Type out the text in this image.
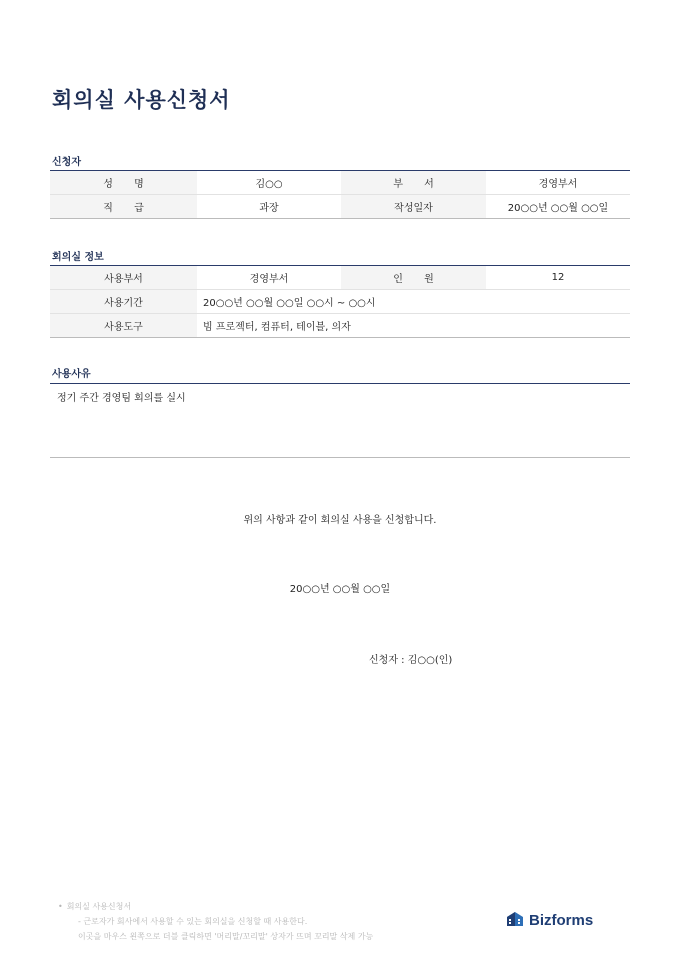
회의실 사용신청서
신청자
성 명	김○○	부 서	경영부서
직 급	과장	작성일자	20○○년 ○○월 ○○일
회의실 정보
사용부서	경영부서	인 원	12
사용기간	20○○년 ○○월 ○○일 ○○시 ~ ○○시		
사용도구	빔 프로젝터, 컴퓨터, 테이블, 의자		
사용사유
정기 주간 경영팀 회의를 실시
위의 사항과 같이 회의실 사용을 신청합니다.
20○○년 ○○월 ○○일
신청자 : 김○○(인)
• 회의실 사용신청서
- 근로자가 회사에서 사용할 수 있는 회의실을 신청할 때 사용한다.
이곳을 마우스 왼쪽으로 더블 클릭하면 '머리말/꼬리말' 상자가 뜨며 꼬리말 삭제 가능
Bizforms
